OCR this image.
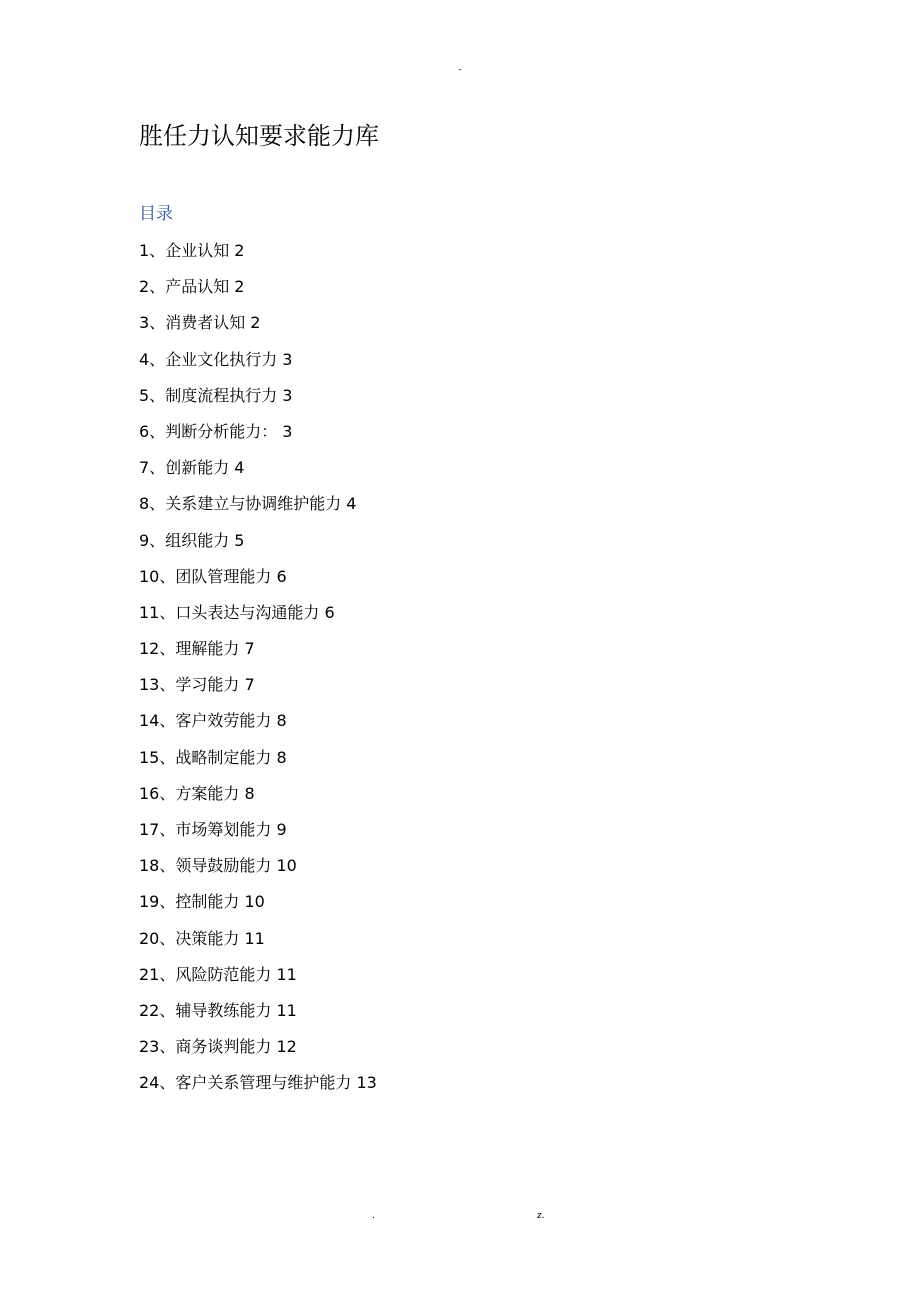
-
胜任力认知要求能力库
目录
1、企业认知 2
2、产品认知 2
3、消费者认知 2
4、企业文化执行力 3
5、制度流程执行力 3
6、判断分析能力： 3
7、创新能力 4
8、关系建立与协调维护能力 4
9、组织能力 5
10、团队管理能力 6
11、口头表达与沟通能力 6
12、理解能力 7
13、学习能力 7
14、客户效劳能力 8
15、战略制定能力 8
16、方案能力 8
17、市场筹划能力 9
18、领导鼓励能力 10
19、控制能力 10
20、决策能力 11
21、风险防范能力 11
22、辅导教练能力 11
23、商务谈判能力 12
24、客户关系管理与维护能力 13
.	z.
